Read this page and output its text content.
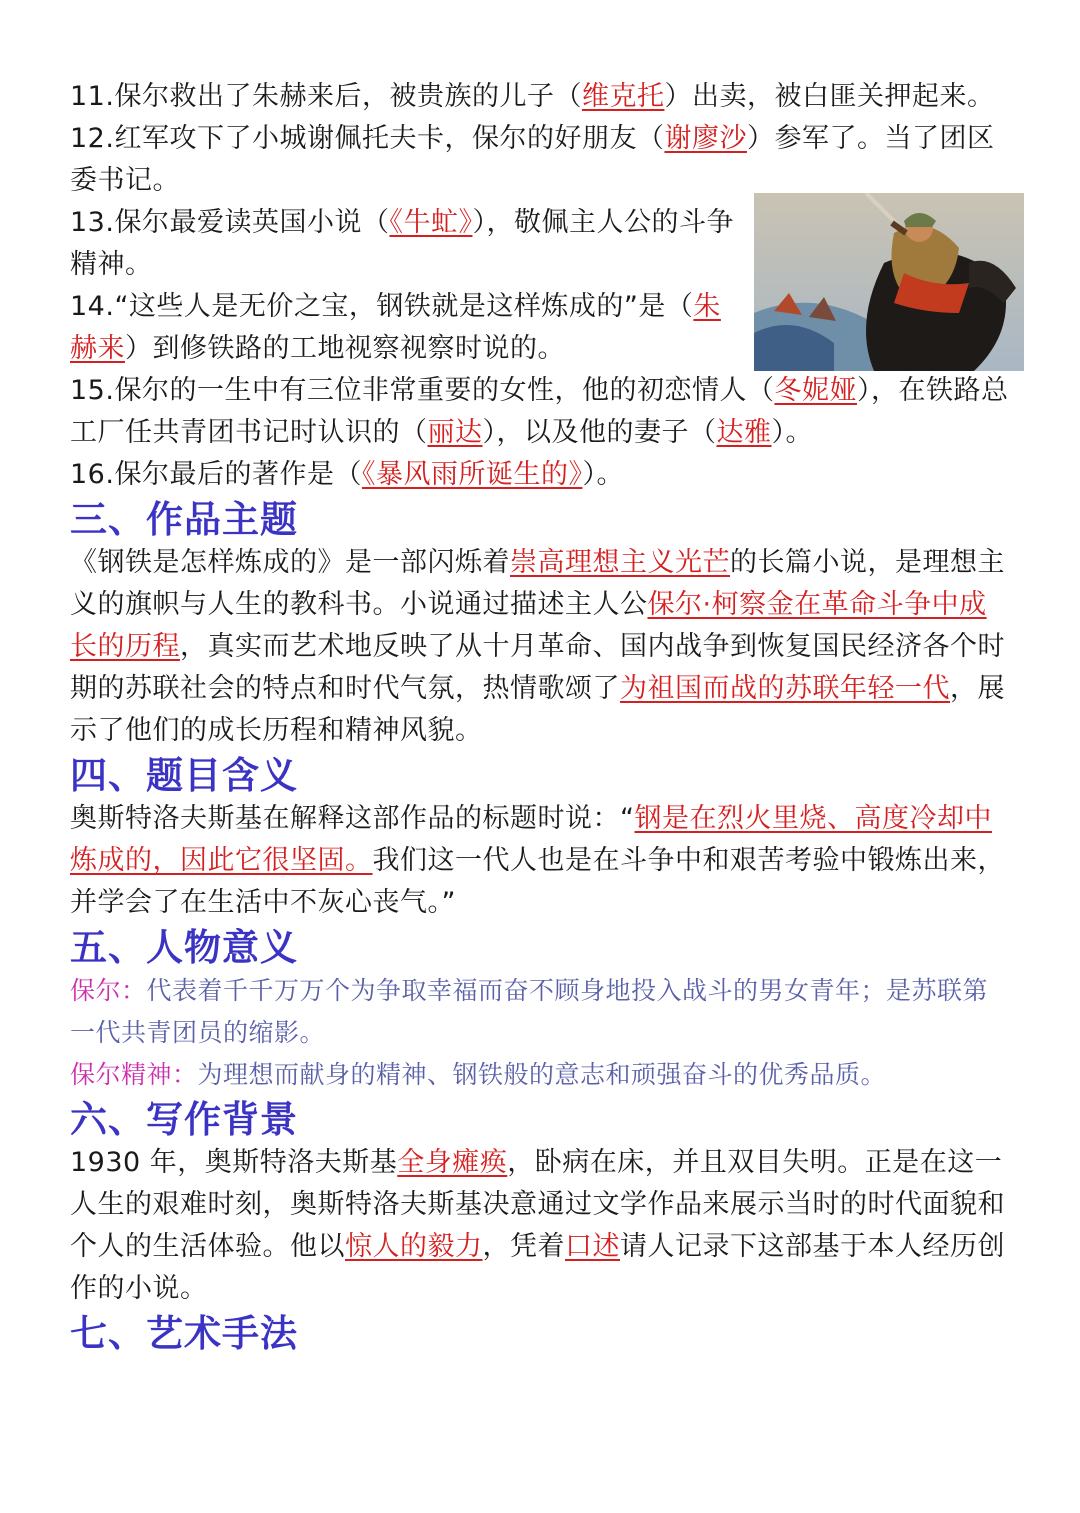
11.保尔救出了朱赫来后，被贵族的儿子（维克托）出卖，被白匪关押起来。

12.红军攻下了小城谢佩托夫卡，保尔的好朋友（谢廖沙）参军了。当了团区委书记。

13.保尔最爱读英国小说（《牛虻》），敬佩主人公的斗争精神。

14.“这些人是无价之宝，钢铁就是这样炼成的”是（朱赫来）到修铁路的工地视察视察时说的。

15.保尔的一生中有三位非常重要的女性，他的初恋情人（冬妮娅），在铁路总工厂任共青团书记时认识的（丽达），以及他的妻子（达雅）。

16.保尔最后的著作是（《暴风雨所诞生的》）。

三、作品主题

《钢铁是怎样炼成的》是一部闪烁着崇高理想主义光芒的长篇小说，是理想主义的旗帜与人生的教科书。小说通过描述主人公保尔·柯察金在革命斗争中成长的历程，真实而艺术地反映了从十月革命、国内战争到恢复国民经济各个时期的苏联社会的特点和时代气氛，热情歌颂了为祖国而战的苏联年轻一代，展示了他们的成长历程和精神风貌。

四、题目含义

奥斯特洛夫斯基在解释这部作品的标题时说：“钢是在烈火里烧、高度冷却中炼成的，因此它很坚固。我们这一代人也是在斗争中和艰苦考验中锻炼出来，并学会了在生活中不灰心丧气。”

五、人物意义

保尔：代表着千千万万个为争取幸福而奋不顾身地投入战斗的男女青年；是苏联第一代共青团员的缩影。

保尔精神：为理想而献身的精神、钢铁般的意志和顽强奋斗的优秀品质。

六、写作背景

1930 年，奥斯特洛夫斯基全身瘫痪，卧病在床，并且双目失明。正是在这一人生的艰难时刻，奥斯特洛夫斯基决意通过文学作品来展示当时的时代面貌和个人的生活体验。他以惊人的毅力，凭着口述请人记录下这部基于本人经历创作的小说。

七、艺术手法
